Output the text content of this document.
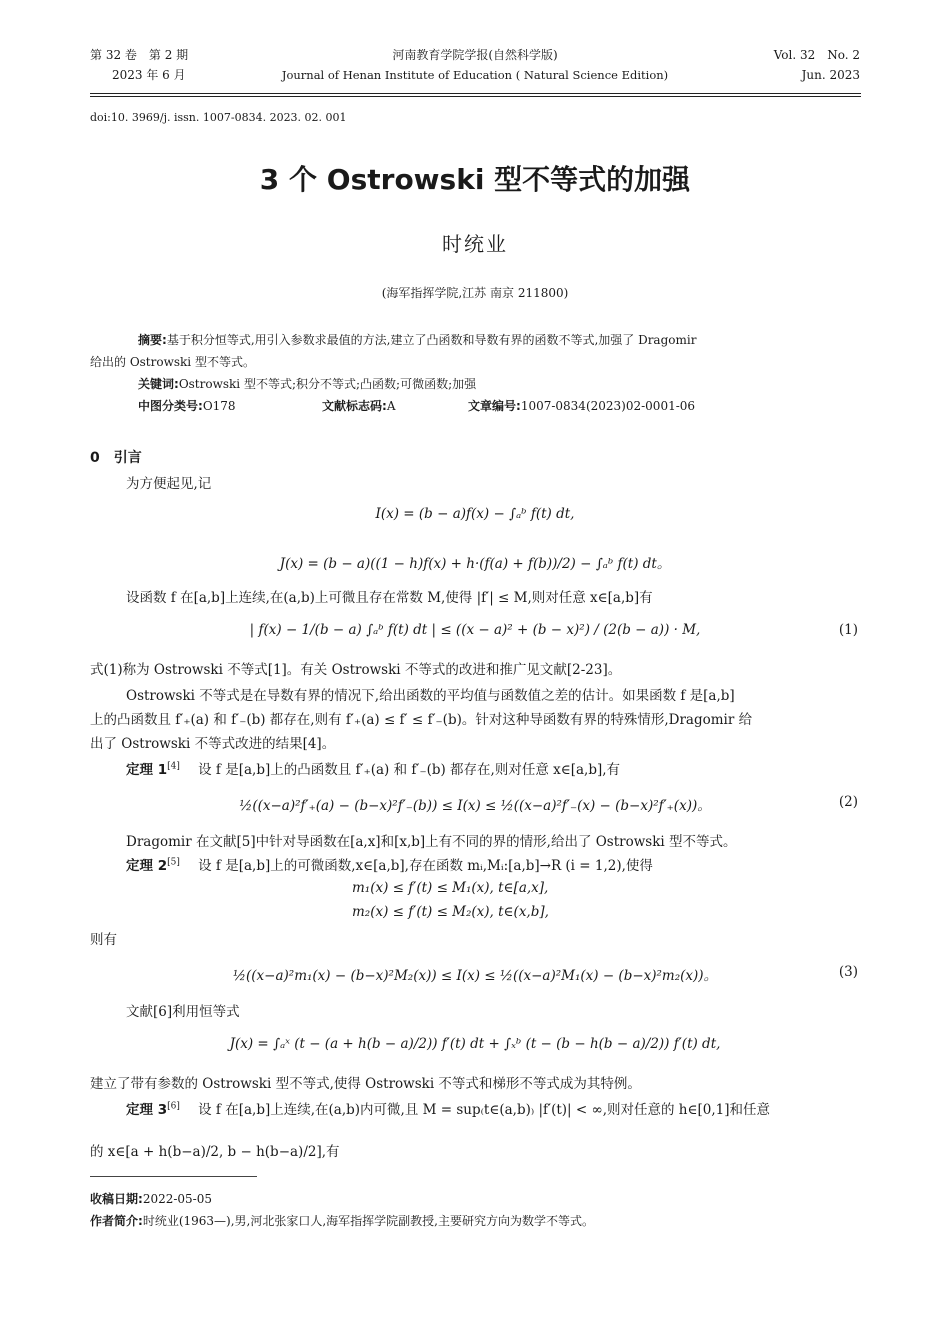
第 32 卷　第 2 期
2023 年 6 月
河南教育学院学报(自然科学版)
Journal of Henan Institute of Education ( Natural Science Edition)
Vol. 32　No. 2
Jun. 2023
doi:10. 3969/j. issn. 1007-0834. 2023. 02. 001
3 个 Ostrowski 型不等式的加强
时统业
(海军指挥学院,江苏 南京 211800)
摘要:基于积分恒等式,用引入参数求最值的方法,建立了凸函数和导数有界的函数不等式,加强了 Dragomir
给出的 Ostrowski 型不等式。
关键词:Ostrowski 型不等式;积分不等式;凸函数;可微函数;加强
中图分类号:O178	文献标志码:A	文章编号:1007-0834(2023)02-0001-06
0　引言
为方便起见,记
I(x) = (b − a)f(x) − ∫ₐᵇ f(t) dt,
J(x) = (b − a)((1 − h)f(x) + h·(f(a) + f(b))/2) − ∫ₐᵇ f(t) dt。
设函数 f 在[a,b]上连续,在(a,b)上可微且存在常数 M,使得 |f′| ≤ M,则对任意 x∈[a,b]有
| f(x) − 1/(b − a) ∫ₐᵇ f(t) dt | ≤ ((x − a)² + (b − x)²) / (2(b − a)) · M,	(1)
式(1)称为 Ostrowski 不等式[1]。有关 Ostrowski 不等式的改进和推广见文献[2-23]。
Ostrowski 不等式是在导数有界的情况下,给出函数的平均值与函数值之差的估计。如果函数 f 是[a,b]
上的凸函数且 f′₊(a) 和 f′₋(b) 都存在,则有 f′₊(a) ≤ f′ ≤ f′₋(b)。针对这种导函数有界的特殊情形,Dragomir 给
出了 Ostrowski 不等式改进的结果[4]。
定理 1[4] 设 f 是[a,b]上的凸函数且 f′₊(a) 和 f′₋(b) 都存在,则对任意 x∈[a,b],有
½((x−a)²f′₊(a) − (b−x)²f′₋(b)) ≤ I(x) ≤ ½((x−a)²f′₋(x) − (b−x)²f′₊(x))。	(2)
Dragomir 在文献[5]中针对导函数在[a,x]和[x,b]上有不同的界的情形,给出了 Ostrowski 型不等式。
定理 2[5] 设 f 是[a,b]上的可微函数,x∈[a,b],存在函数 mᵢ,Mᵢ:[a,b]→R (i = 1,2),使得
m₁(x) ≤ f′(t) ≤ M₁(x), t∈[a,x],
m₂(x) ≤ f′(t) ≤ M₂(x), t∈(x,b],
则有
½((x−a)²m₁(x) − (b−x)²M₂(x)) ≤ I(x) ≤ ½((x−a)²M₁(x) − (b−x)²m₂(x))。	(3)
文献[6]利用恒等式
J(x) = ∫ₐˣ (t − (a + h(b − a)/2)) f′(t) dt + ∫ₓᵇ (t − (b − h(b − a)/2)) f′(t) dt,
建立了带有参数的 Ostrowski 型不等式,使得 Ostrowski 不等式和梯形不等式成为其特例。
定理 3[6] 设 f 在[a,b]上连续,在(a,b)内可微,且 M = sup₍t∈(a,b)₎ |f′(t)| < ∞,则对任意的 h∈[0,1]和任意
的 x∈[a + h(b−a)/2, b − h(b−a)/2],有
收稿日期:2022-05-05
作者简介:时统业(1963—),男,河北张家口人,海军指挥学院副教授,主要研究方向为数学不等式。
